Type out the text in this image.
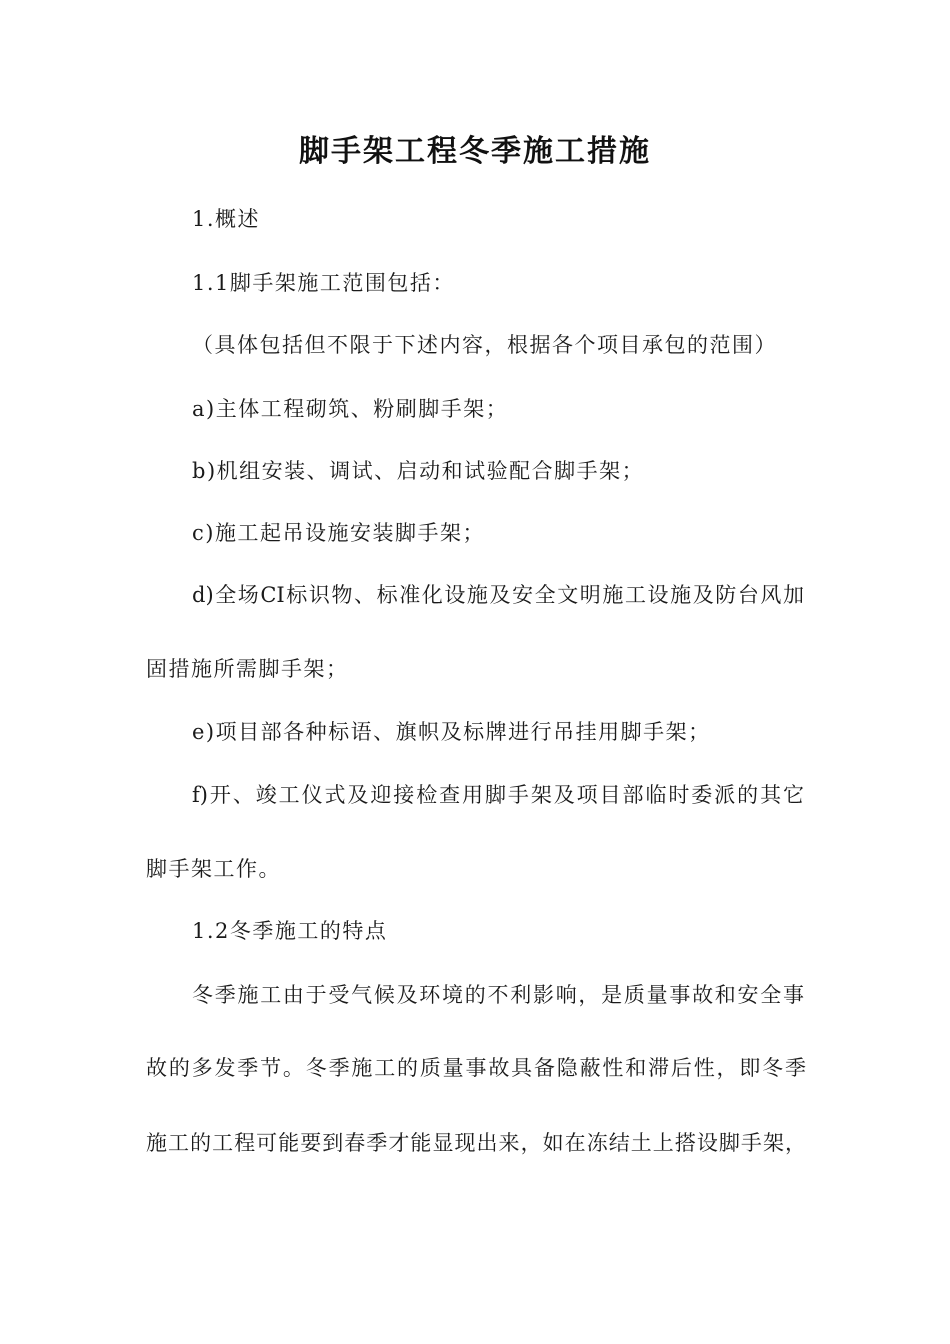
脚手架工程冬季施工措施
1.概述
1.1脚手架施工范围包括：
（具体包括但不限于下述内容，根据各个项目承包的范围）
a)主体工程砌筑、粉刷脚手架；
b)机组安装、调试、启动和试验配合脚手架；
c)施工起吊设施安装脚手架；
d)全场CI标识物、标准化设施及安全文明施工设施及防台风加
固措施所需脚手架；
e)项目部各种标语、旗帜及标牌进行吊挂用脚手架；
f)开、竣工仪式及迎接检查用脚手架及项目部临时委派的其它
脚手架工作。
1.2冬季施工的特点
冬季施工由于受气候及环境的不利影响，是质量事故和安全事
故的多发季节。冬季施工的质量事故具备隐蔽性和滞后性，即冬季
施工的工程可能要到春季才能显现出来，如在冻结土上搭设脚手架，
